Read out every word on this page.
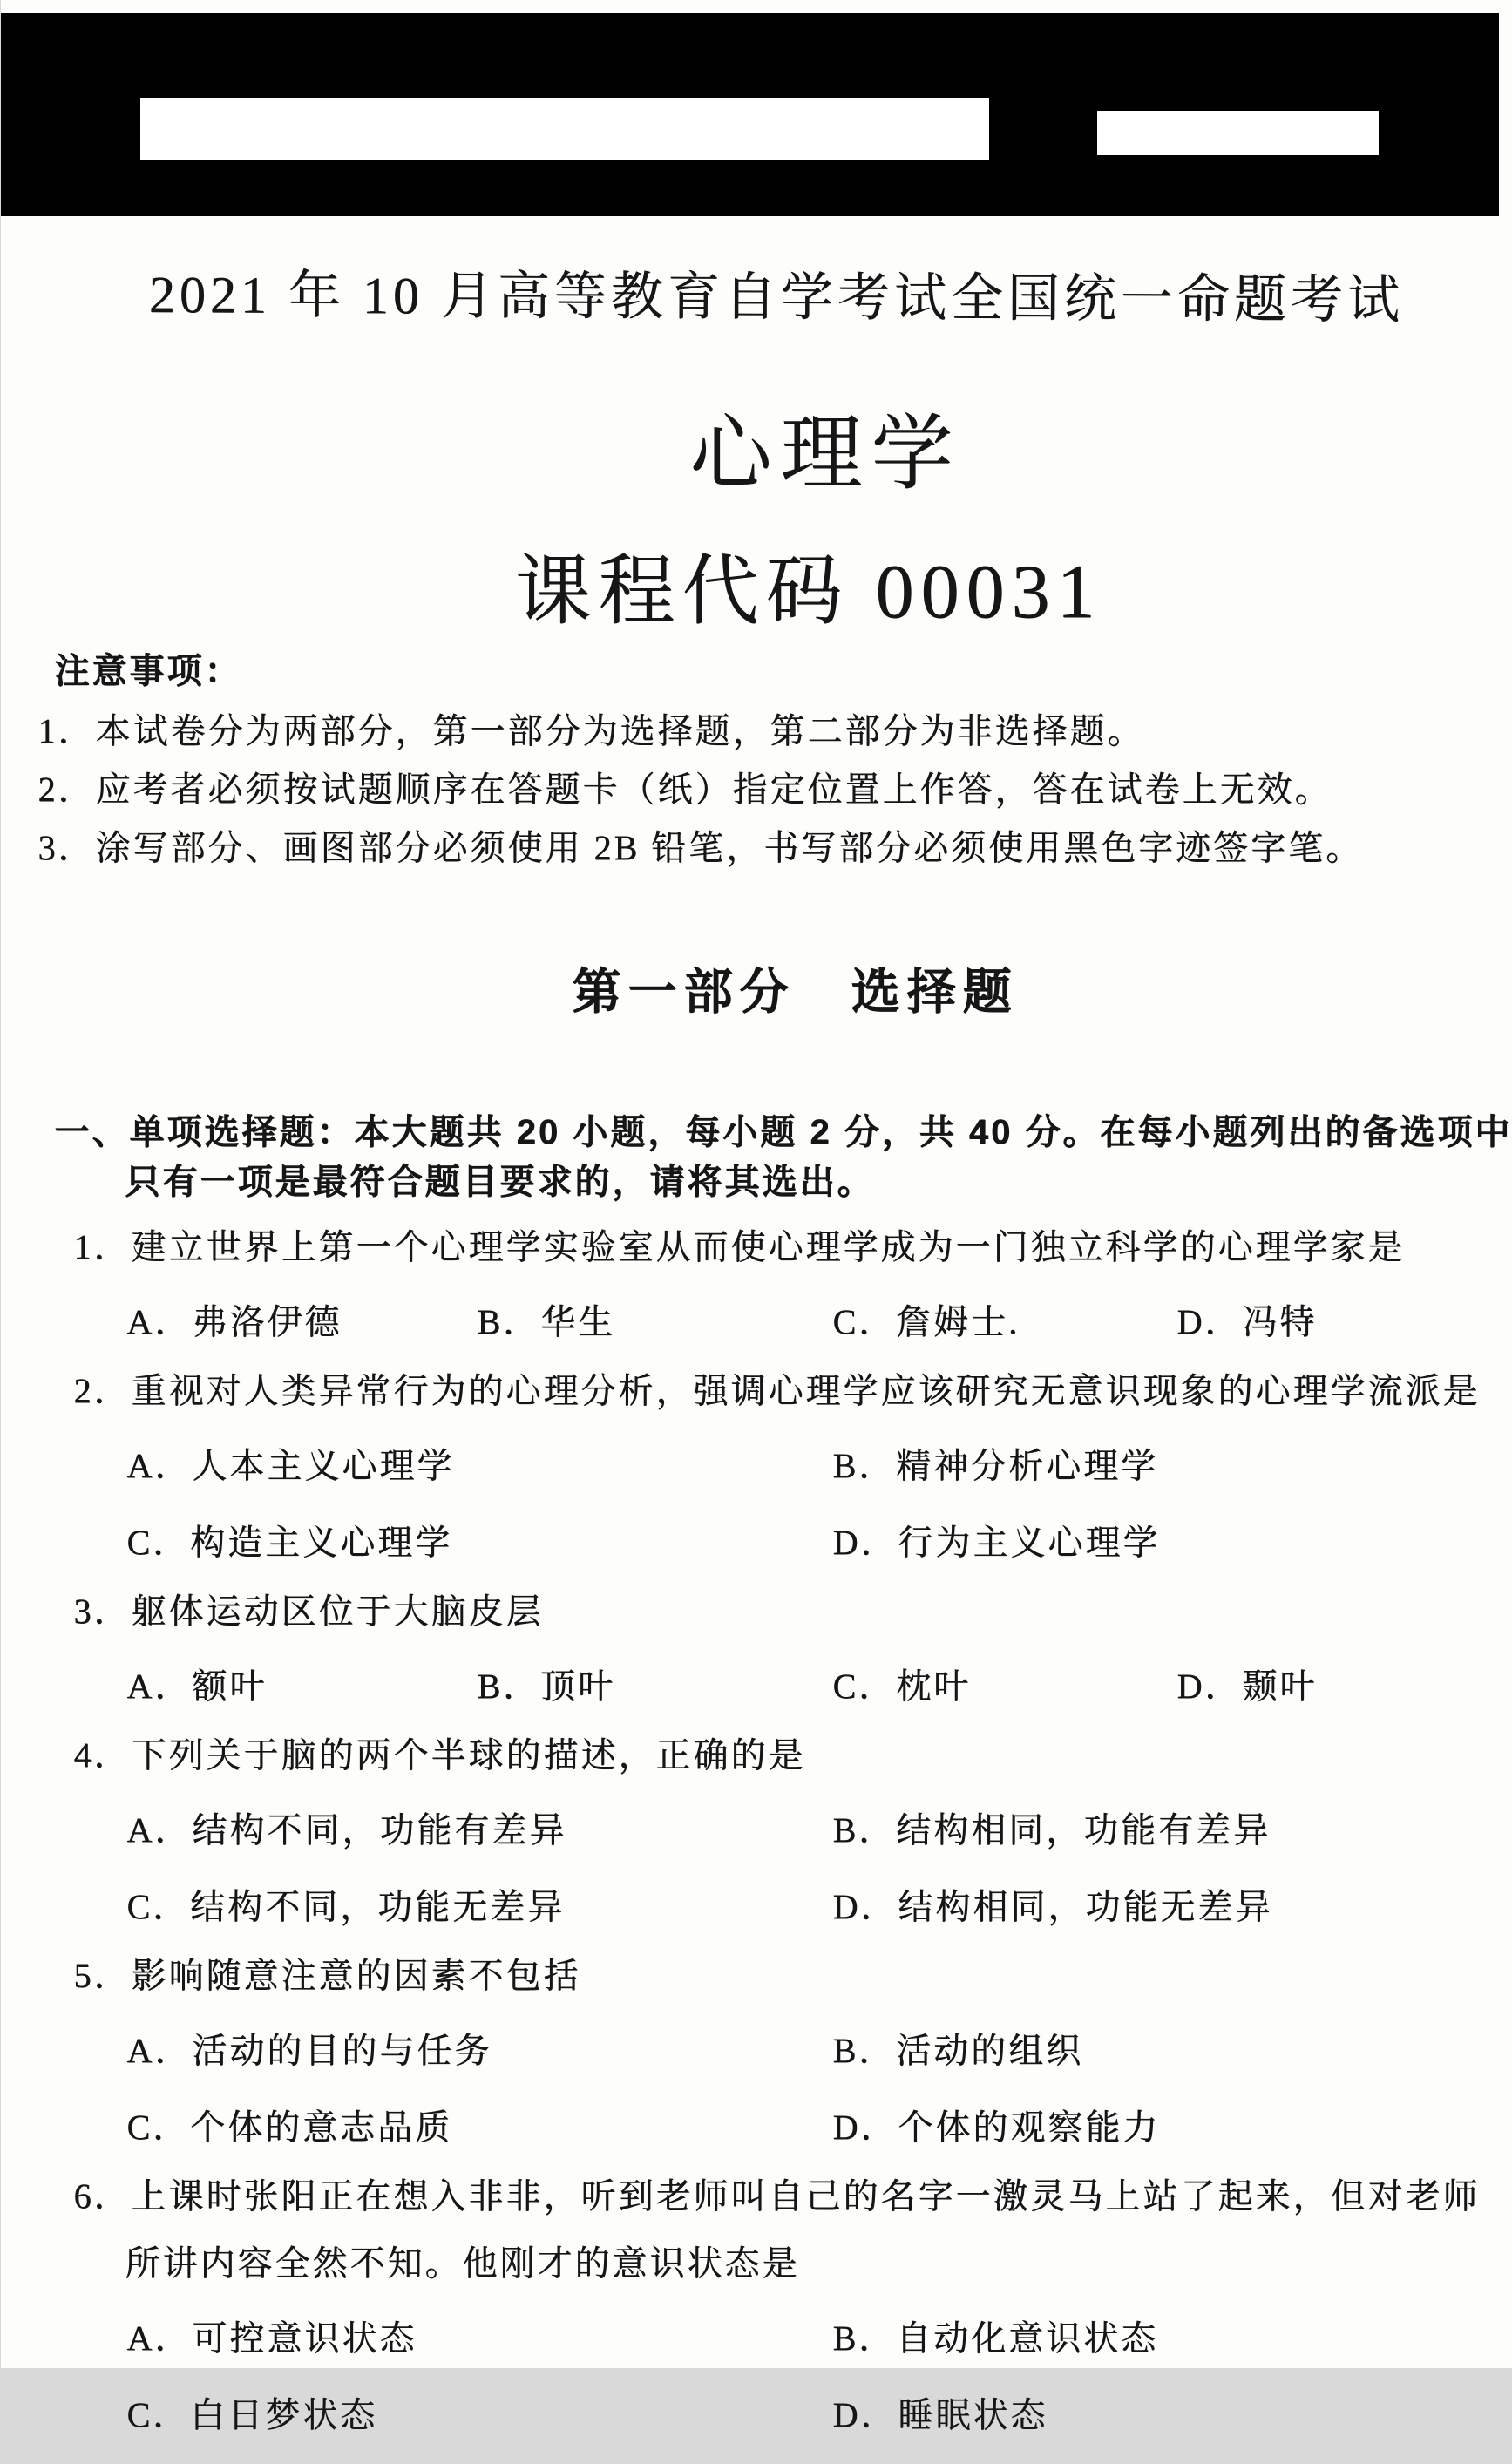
2021 年 10 月高等教育自学考试全国统一命题考试
心理学
课程代码 00031
注意事项：
1．本试卷分为两部分，第一部分为选择题，第二部分为非选择题。
2．应考者必须按试题顺序在答题卡（纸）指定位置上作答，答在试卷上无效。
3．涂写部分、画图部分必须使用 2B 铅笔，书写部分必须使用黑色字迹签字笔。
第一部分　选择题
一、单项选择题：本大题共 20 小题，每小题 2 分，共 40 分。在每小题列出的备选项中
只有一项是最符合题目要求的，请将其选出。
1．建立世界上第一个心理学实验室从而使心理学成为一门独立科学的心理学家是
A．弗洛伊德	B．华生	C．詹姆士.	D．冯特
2．重视对人类异常行为的心理分析，强调心理学应该研究无意识现象的心理学流派是
A．人本主义心理学	B．精神分析心理学
C．构造主义心理学	D．行为主义心理学
3．躯体运动区位于大脑皮层
A．额叶	B．顶叶	C．枕叶	D．颞叶
4．下列关于脑的两个半球的描述，正确的是
A．结构不同，功能有差异	B．结构相同，功能有差异
C．结构不同，功能无差异	D．结构相同，功能无差异
5．影响随意注意的因素不包括
A．活动的目的与任务	B．活动的组织
C．个体的意志品质	D．个体的观察能力
6．上课时张阳正在想入非非，听到老师叫自己的名字一激灵马上站了起来，但对老师
所讲内容全然不知。他刚才的意识状态是
A．可控意识状态	B．自动化意识状态
C．白日梦状态	D．睡眠状态
